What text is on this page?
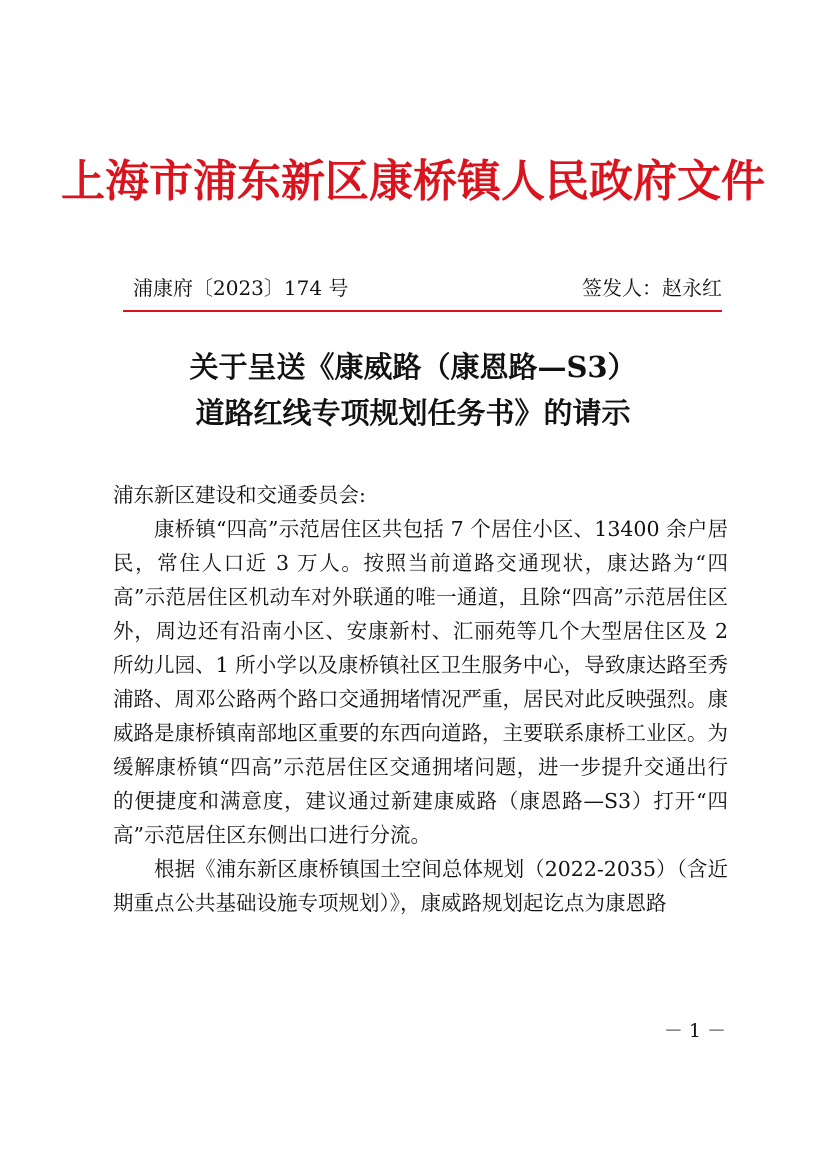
上海市浦东新区康桥镇人民政府文件
浦康府〔2023〕174 号	签发人：赵永红
关于呈送《康威路（康恩路—S3）
道路红线专项规划任务书》的请示

浦东新区建设和交通委员会:

康桥镇“四高”示范居住区共包括 7 个居住小区、13400 余户居民，常住人口近 3 万人。按照当前道路交通现状，康达路为“四高”示范居住区机动车对外联通的唯一通道，且除“四高”示范居住区外，周边还有沿南小区、安康新村、汇丽苑等几个大型居住区及 2 所幼儿园、1 所小学以及康桥镇社区卫生服务中心，导致康达路至秀浦路、周邓公路两个路口交通拥堵情况严重，居民对此反映强烈。康威路是康桥镇南部地区重要的东西向道路，主要联系康桥工业区。为缓解康桥镇“四高”示范居住区交通拥堵问题，进一步提升交通出行的便捷度和满意度，建议通过新建康威路（康恩路—S3）打开“四高”示范居住区东侧出口进行分流。

根据《浦东新区康桥镇国土空间总体规划（2022-2035）（含近期重点公共基础设施专项规划）》，康威路规划起讫点为康恩路

－ 1 －
